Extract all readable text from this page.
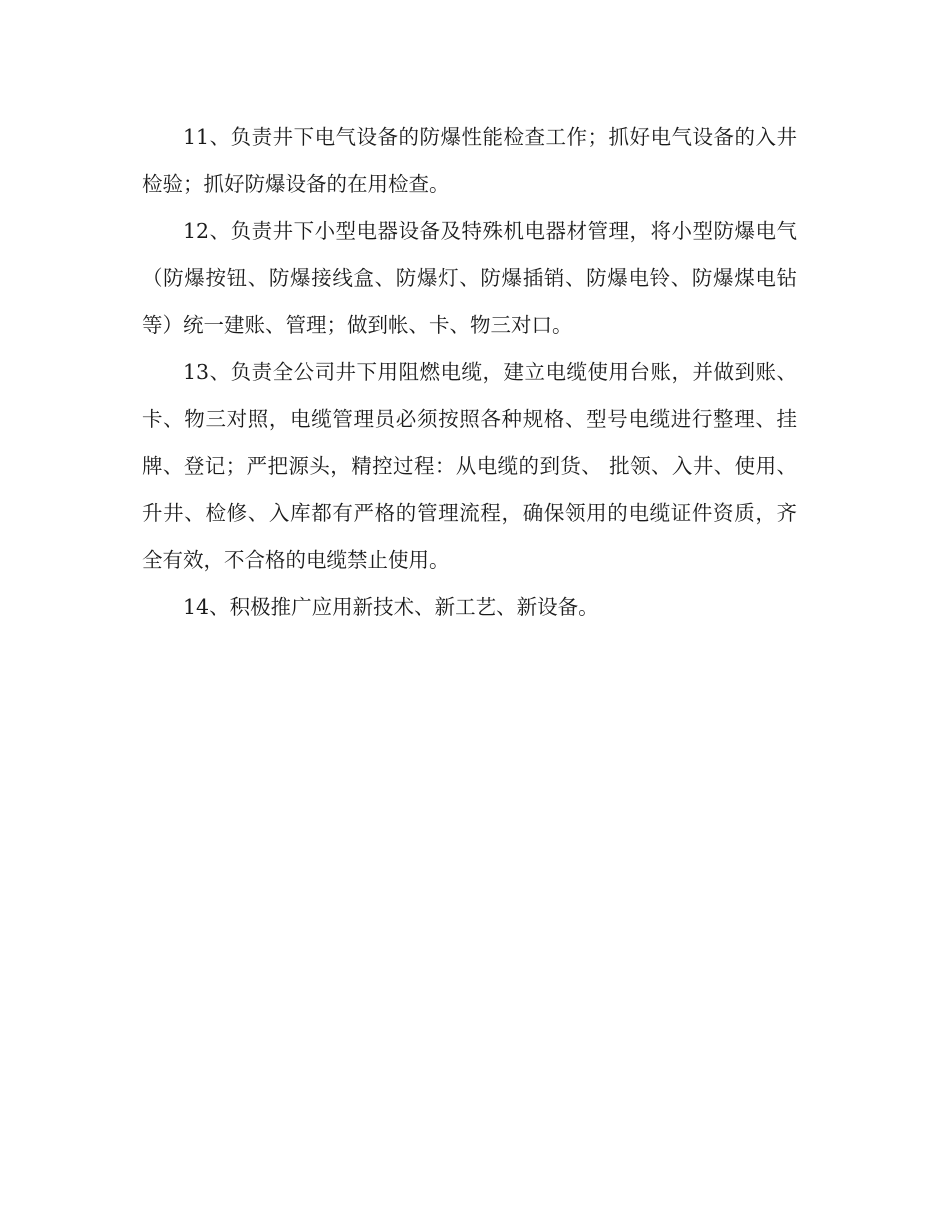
11、负责井下电气设备的防爆性能检查工作；抓好电气设备的入井检验；抓好防爆设备的在用检查。

12、负责井下小型电器设备及特殊机电器材管理，将小型防爆电气（防爆按钮、防爆接线盒、防爆灯、防爆插销、防爆电铃、防爆煤电钻等）统一建账、管理；做到帐、卡、物三对口。

13、负责全公司井下用阻燃电缆，建立电缆使用台账，并做到账、卡、物三对照，电缆管理员必须按照各种规格、型号电缆进行整理、挂牌、登记；严把源头，精控过程：从电缆的到货、 批领、入井、使用、升井、检修、入库都有严格的管理流程，确保领用的电缆证件资质，齐全有效，不合格的电缆禁止使用。

14、积极推广应用新技术、新工艺、新设备。
